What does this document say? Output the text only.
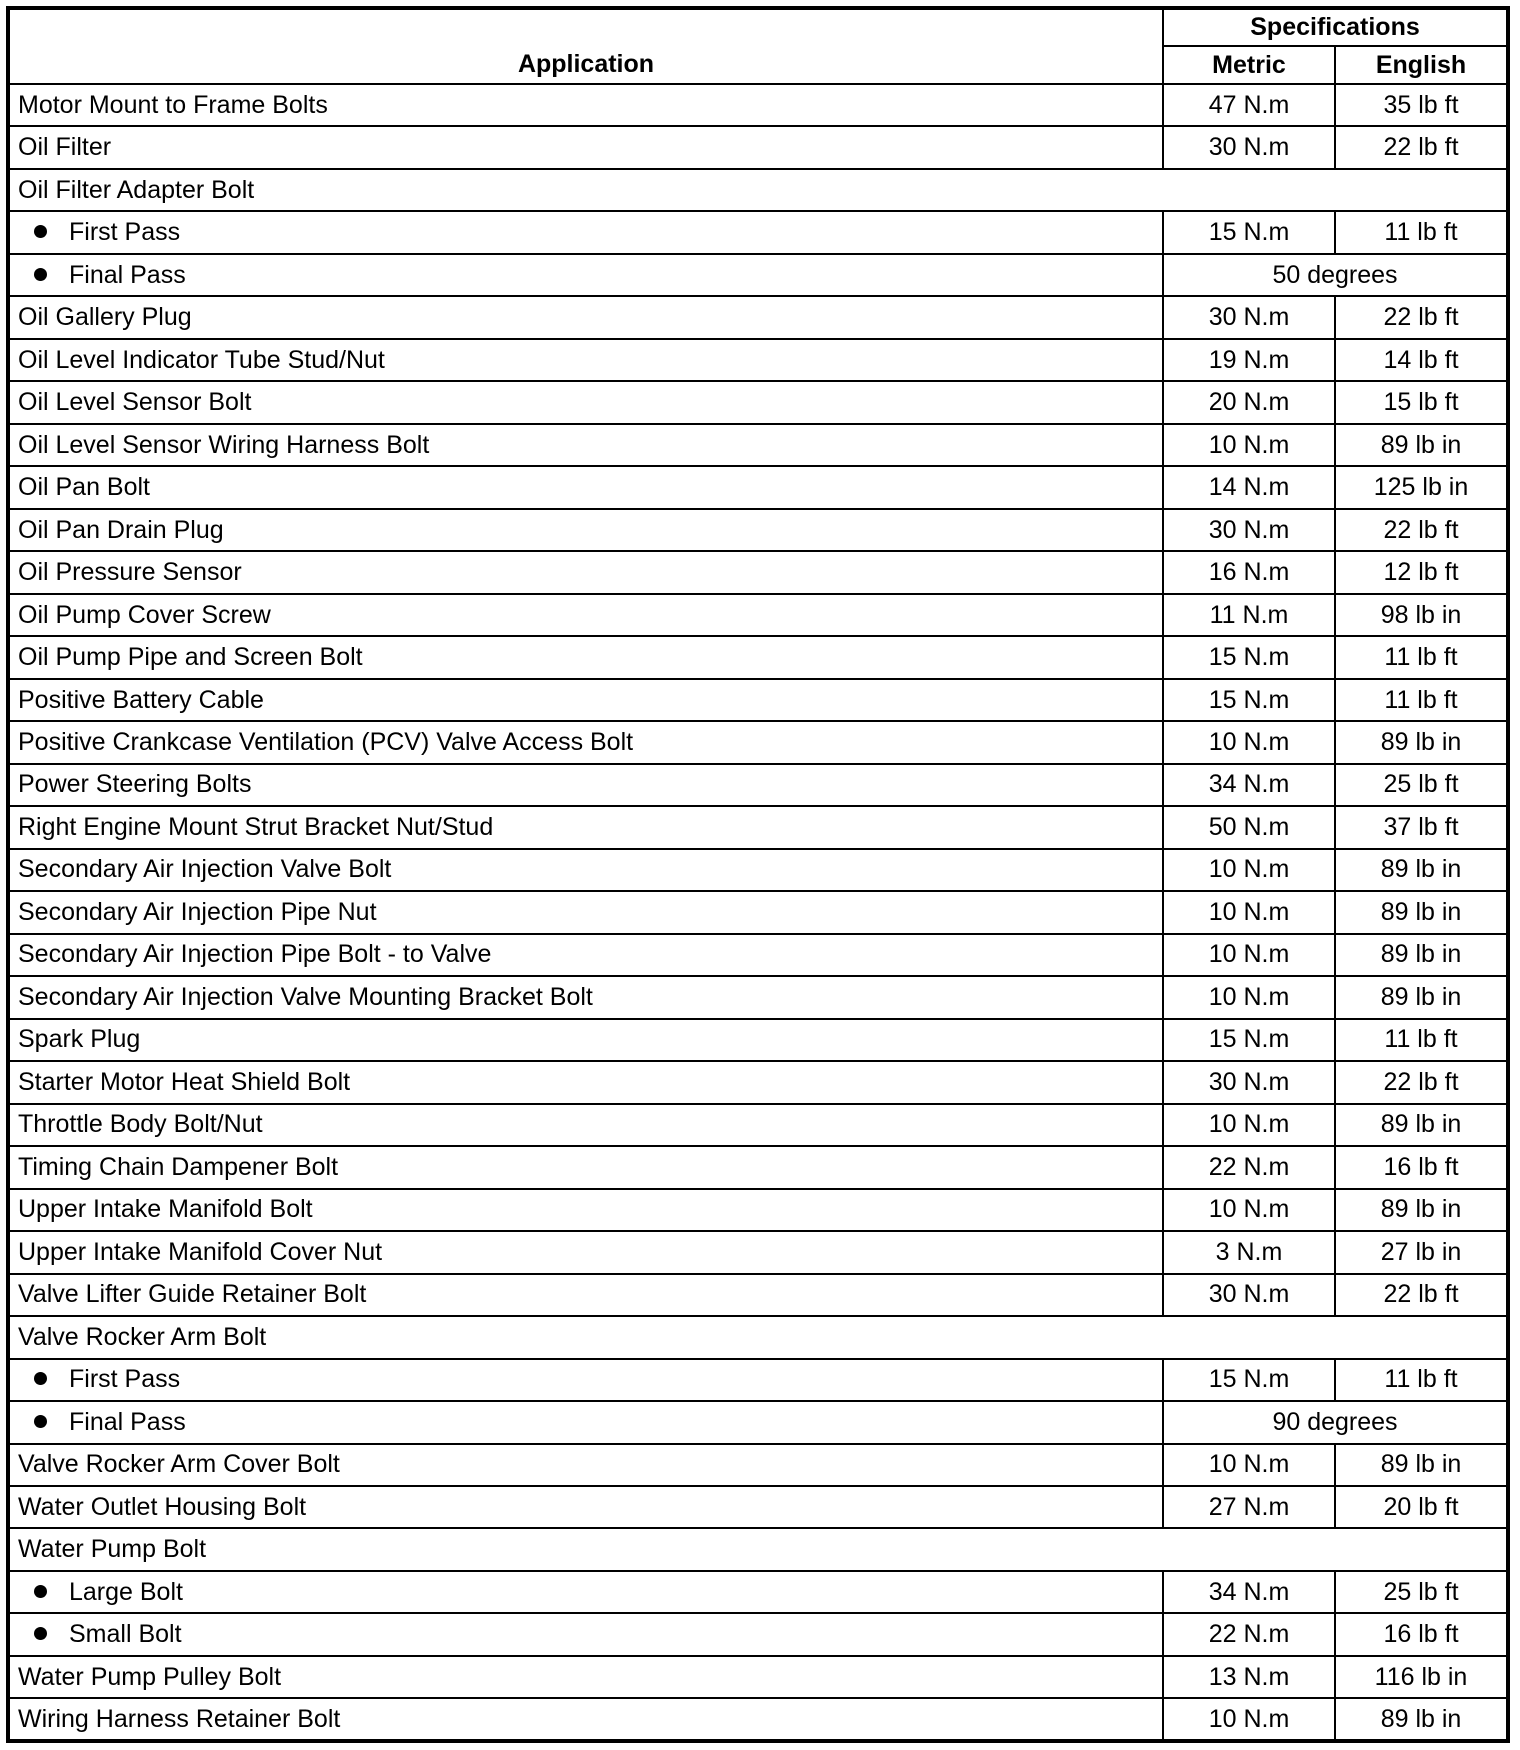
Application	Specifications	
	Metric	English
Motor Mount to Frame Bolts	47 N.m	35 lb ft
Oil Filter	30 N.m	22 lb ft
Oil Filter Adapter Bolt		
First Pass	15 N.m	11 lb ft
Final Pass	50 degrees	
Oil Gallery Plug	30 N.m	22 lb ft
Oil Level Indicator Tube Stud/Nut	19 N.m	14 lb ft
Oil Level Sensor Bolt	20 N.m	15 lb ft
Oil Level Sensor Wiring Harness Bolt	10 N.m	89 lb in
Oil Pan Bolt	14 N.m	125 lb in
Oil Pan Drain Plug	30 N.m	22 lb ft
Oil Pressure Sensor	16 N.m	12 lb ft
Oil Pump Cover Screw	11 N.m	98 lb in
Oil Pump Pipe and Screen Bolt	15 N.m	11 lb ft
Positive Battery Cable	15 N.m	11 lb ft
Positive Crankcase Ventilation (PCV) Valve Access Bolt	10 N.m	89 lb in
Power Steering Bolts	34 N.m	25 lb ft
Right Engine Mount Strut Bracket Nut/Stud	50 N.m	37 lb ft
Secondary Air Injection Valve Bolt	10 N.m	89 lb in
Secondary Air Injection Pipe Nut	10 N.m	89 lb in
Secondary Air Injection Pipe Bolt - to Valve	10 N.m	89 lb in
Secondary Air Injection Valve Mounting Bracket Bolt	10 N.m	89 lb in
Spark Plug	15 N.m	11 lb ft
Starter Motor Heat Shield Bolt	30 N.m	22 lb ft
Throttle Body Bolt/Nut	10 N.m	89 lb in
Timing Chain Dampener Bolt	22 N.m	16 lb ft
Upper Intake Manifold Bolt	10 N.m	89 lb in
Upper Intake Manifold Cover Nut	3 N.m	27 lb in
Valve Lifter Guide Retainer Bolt	30 N.m	22 lb ft
Valve Rocker Arm Bolt		
First Pass	15 N.m	11 lb ft
Final Pass	90 degrees	
Valve Rocker Arm Cover Bolt	10 N.m	89 lb in
Water Outlet Housing Bolt	27 N.m	20 lb ft
Water Pump Bolt		
Large Bolt	34 N.m	25 lb ft
Small Bolt	22 N.m	16 lb ft
Water Pump Pulley Bolt	13 N.m	116 lb in
Wiring Harness Retainer Bolt	10 N.m	89 lb in
